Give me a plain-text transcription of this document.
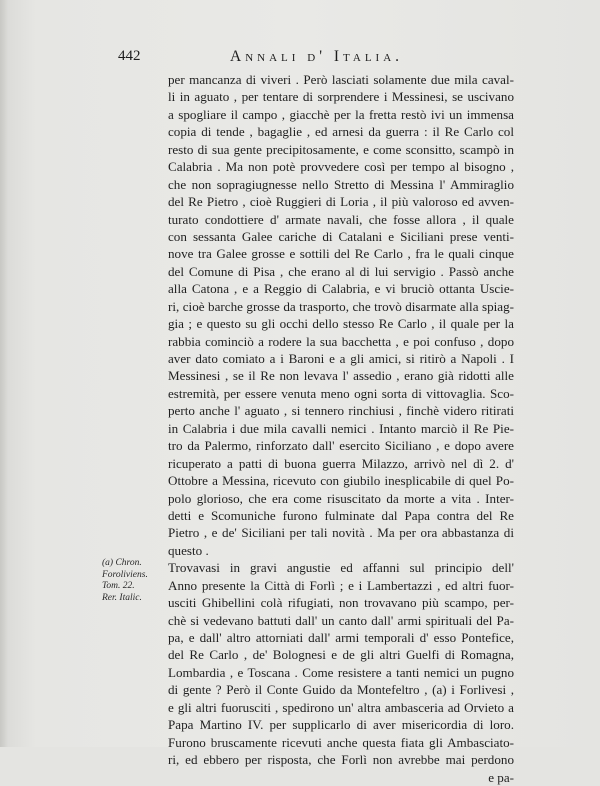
442	Annali d' Italia.
per mancanza di viveri . Però lasciati solamente due mila caval-
li in aguato , per tentare di sorprendere i Messinesi, se uscivano
a spogliare il campo , giacchè per la fretta restò ivi un immensa
copia di tende , bagaglie , ed arnesi da guerra : il Re Carlo col
resto di sua gente precipitosamente, e come sconsitto, scampò in
Calabria . Ma non potè provvedere così per tempo al bisogno ,
che non sopragiugnesse nello Stretto di Messina l' Ammiraglio
del Re Pietro , cioè Ruggieri di Loria , il più valoroso ed avven-
turato condottiere d' armate navali, che fosse allora , il quale
con sessanta Galee cariche di Catalani e Siciliani prese venti-
nove tra Galee grosse e sottili del Re Carlo , fra le quali cinque
del Comune di Pisa , che erano al di lui servigio . Passò anche
alla Catona , e a Reggio di Calabria, e vi bruciò ottanta Uscie-
ri, cioè barche grosse da trasporto, che trovò disarmate alla spiag-
gia ; e questo su gli occhi dello stesso Re Carlo , il quale per la
rabbia cominciò a rodere la sua bacchetta , e poi confuso , dopo
aver dato comiato a i Baroni e a gli amici, si ritirò a Napoli . I
Messinesi , se il Re non levava l' assedio , erano già ridotti alle
estremità, per essere venuta meno ogni sorta di vittovaglia. Sco-
perto anche l' aguato , si tennero rinchiusi , finchè videro ritirati
in Calabria i due mila cavalli nemici . Intanto marciò il Re Pie-
tro da Palermo, rinforzato dall' esercito Siciliano , e dopo avere
ricuperato a patti di buona guerra Milazzo, arrivò nel dì 2. d'
Ottobre a Messina, ricevuto con giubilo inesplicabile di quel Po-
polo glorioso, che era come risuscitato da morte a vita . Inter-
detti e Scomuniche furono fulminate dal Papa contra del Re
Pietro , e de' Siciliani per tali novità . Ma per ora abbastanza di
questo .
Trovavasi in gravi angustie ed affanni sul principio dell'
Anno presente la Città di Forlì ; e i Lambertazzi , ed altri fuor-
usciti Ghibellini colà rifugiati, non trovavano più scampo, per-
chè si vedevano battuti dall' un canto dall' armi spirituali del Pa-
pa, e dall' altro attorniati dall' armi temporali d' esso Pontefice,
del Re Carlo , de' Bolognesi e de gli altri Guelfi di Romagna,
Lombardia , e Toscana . Come resistere a tanti nemici un pugno
di gente ? Però il Conte Guido da Montefeltro , (a) i Forlivesi ,
e gli altri fuorusciti , spedirono un' altra ambasceria ad Orvieto a
Papa Martino IV. per supplicarlo di aver misericordia di loro.
Furono bruscamente ricevuti anche questa fiata gli Ambasciato-
ri, ed ebbero per risposta, che Forlì non avrebbe mai perdono
e pa-
(a) Chron.
Foroliviens.
Tom. 22.
Rer. Italic.
